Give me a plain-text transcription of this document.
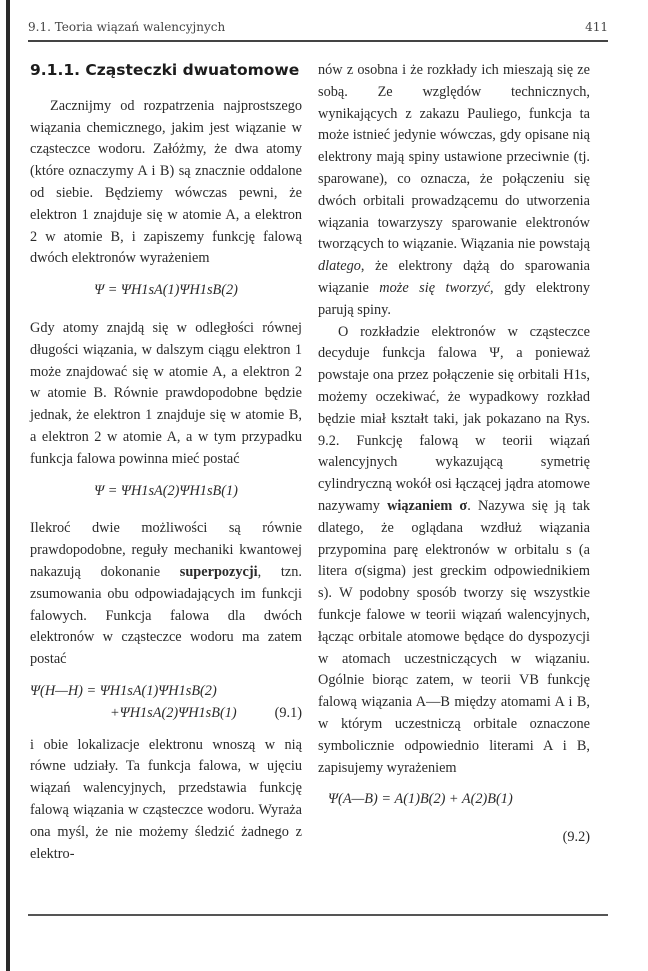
9.1. Teoria wiązań walencyjnych	411
9.1.1. Cząsteczki dwuatomowe

Zacznijmy od rozpatrzenia najprostszego wiązania chemicznego, jakim jest wiązanie w cząsteczce wodoru. Załóżmy, że dwa atomy (które oznaczymy A i B) są znacznie oddalone od siebie. Będziemy wówczas pewni, że elektron 1 znajduje się w atomie A, a elektron 2 w atomie B, i zapiszemy funkcję falową dwóch elektronów wyrażeniem

Ψ = ΨH1sA(1)ΨH1sB(2)

Gdy atomy znajdą się w odległości równej długości wiązania, w dalszym ciągu elektron 1 może znajdować się w atomie A, a elektron 2 w atomie B. Równie prawdopodobne będzie jednak, że elektron 1 znajduje się w atomie B, a elektron 2 w atomie A, a w tym przypadku funkcja falowa powinna mieć postać

Ψ = ΨH1sA(2)ΨH1sB(1)

Ilekroć dwie możliwości są równie prawdopodobne, reguły mechaniki kwantowej nakazują dokonanie superpozycji, tzn. zsumowania obu odpowiadających im funkcji falowych. Funkcja falowa dla dwóch elektronów w cząsteczce wodoru ma zatem postać

Ψ(H—H) = ΨH1sA(1)ΨH1sB(2)
+ΨH1sA(2)ΨH1sB(1)	(9.1)

i obie lokalizacje elektronu wnoszą w nią równe udziały. Ta funkcja falowa, w ujęciu wiązań walencyjnych, przedstawia funkcję falową wiązania w cząsteczce wodoru. Wyraża ona myśl, że nie możemy śledzić żadnego z elektro-

nów z osobna i że rozkłady ich mieszają się ze sobą. Ze względów technicznych, wynikających z zakazu Pauliego, funkcja ta może istnieć jedynie wówczas, gdy opisane nią elektrony mają spiny ustawione przeciwnie (tj. sparowane), co oznacza, że połączeniu się dwóch orbitali prowadzącemu do utworzenia wiązania towarzyszy sparowanie elektronów tworzących to wiązanie. Wiązania nie powstają dlatego, że elektrony dążą do sparowania wiązanie może się tworzyć, gdy elektrony parują spiny.

O rozkładzie elektronów w cząsteczce decyduje funkcja falowa Ψ, a ponieważ powstaje ona przez połączenie się orbitali H1s, możemy oczekiwać, że wypadkowy rozkład będzie miał kształt taki, jak pokazano na Rys. 9.2. Funkcję falową w teorii wiązań walencyjnych wykazującą symetrię cylindryczną wokół osi łączącej jądra atomowe nazywamy wiązaniem σ. Nazywa się ją tak dlatego, że oglądana wzdłuż wiązania przypomina parę elektronów w orbitalu s (a litera σ(sigma) jest greckim odpowiednikiem s). W podobny sposób tworzy się wszystkie funkcje falowe w teorii wiązań walencyjnych, łącząc orbitale atomowe będące do dyspozycji w atomach uczestniczących w wiązaniu. Ogólnie biorąc zatem, w teorii VB funkcję falową wiązania A—B między atomami A i B, w którym uczestniczą orbitale oznaczone symbolicznie odpowiednio literami A i B, zapisujemy wyrażeniem

Ψ(A—B) = A(1)B(2) + A(2)B(1)
(9.2)
